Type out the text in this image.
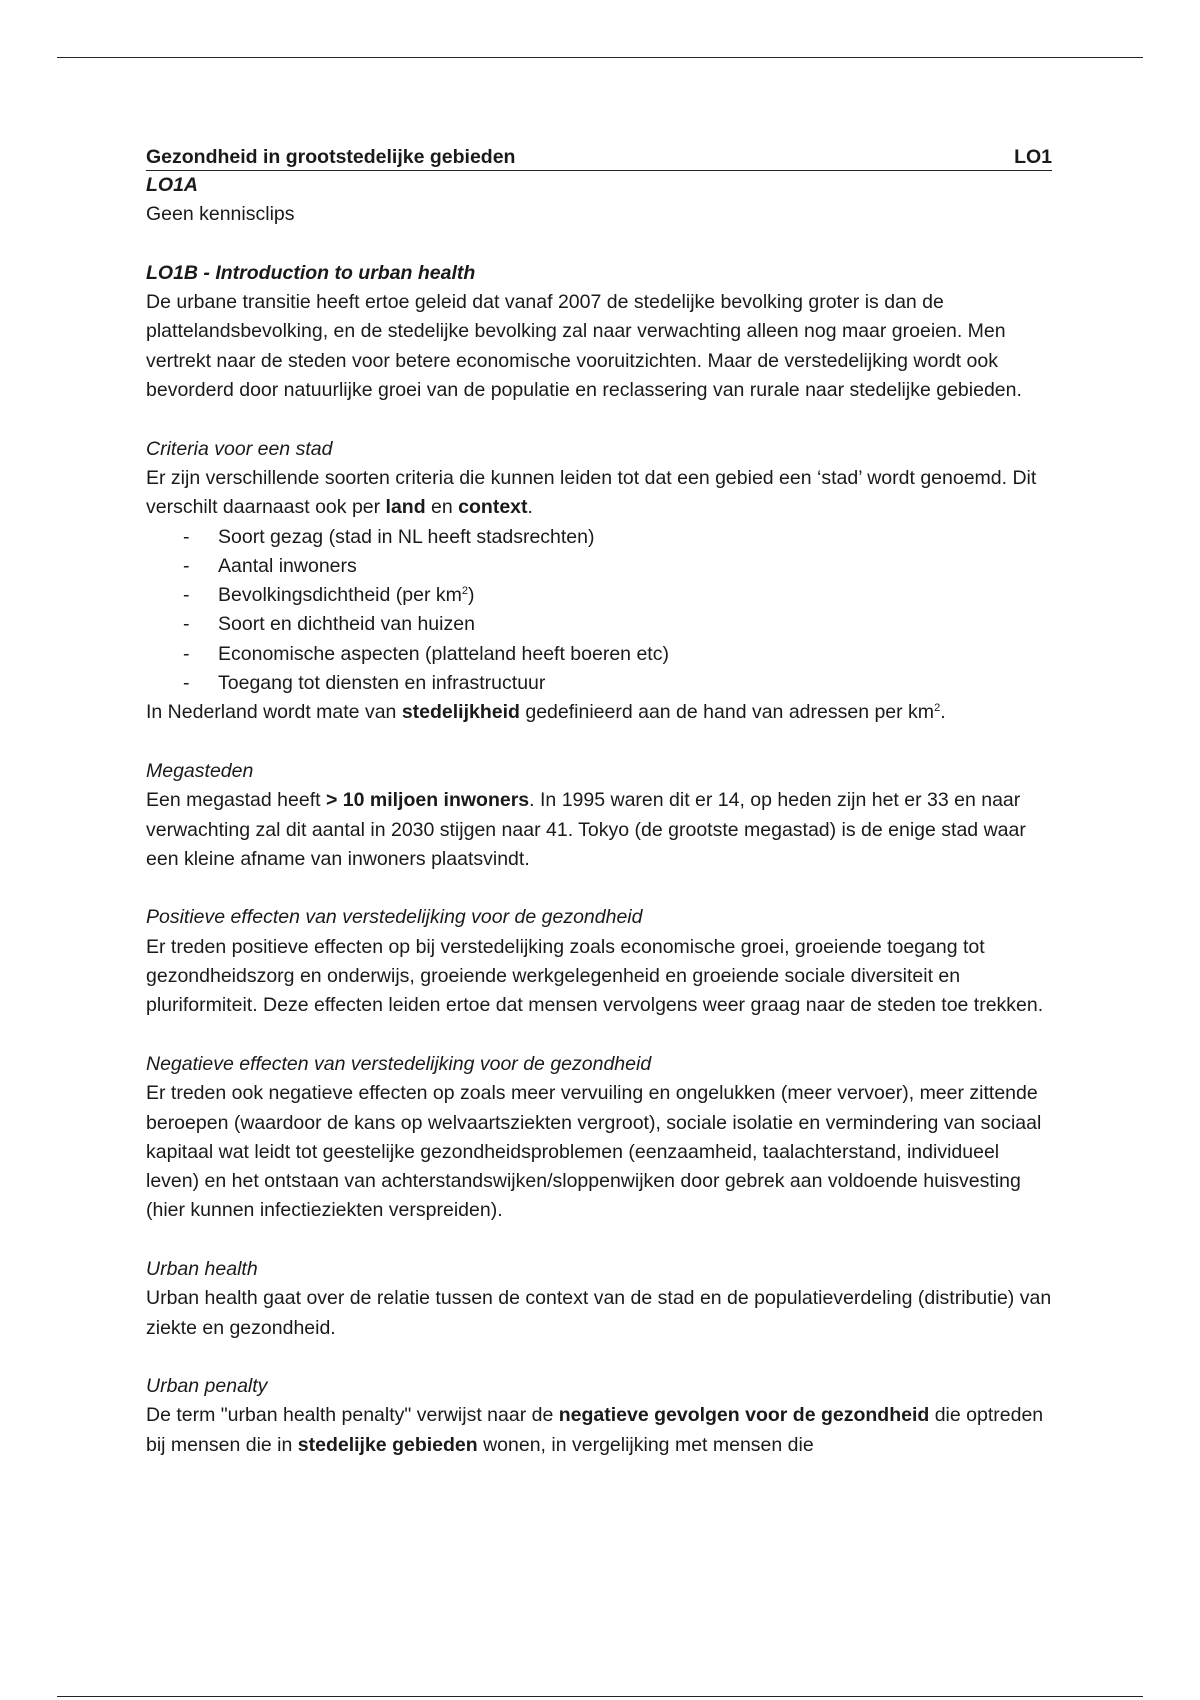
Gezondheid in grootstedelijke gebieden	LO1

LO1A

Geen kennisclips

LO1B - Introduction to urban health

De urbane transitie heeft ertoe geleid dat vanaf 2007 de stedelijke bevolking groter is dan de plattelandsbevolking, en de stedelijke bevolking zal naar verwachting alleen nog maar groeien. Men vertrekt naar de steden voor betere economische vooruitzichten. Maar de verstedelijking wordt ook bevorderd door natuurlijke groei van de populatie en reclassering van rurale naar stedelijke gebieden.

Criteria voor een stad

Er zijn verschillende soorten criteria die kunnen leiden tot dat een gebied een ‘stad’ wordt genoemd. Dit verschilt daarnaast ook per land en context.

- Soort gezag (stad in NL heeft stadsrechten)
- Aantal inwoners
- Bevolkingsdichtheid (per $km^2$)
- Soort en dichtheid van huizen
- Economische aspecten (platteland heeft boeren etc)
- Toegang tot diensten en infrastructuur

In Nederland wordt mate van stedelijkheid gedefinieerd aan de hand van adressen per $km^2$.

Megasteden

Een megastad heeft > 10 miljoen inwoners. In 1995 waren dit er 14, op heden zijn het er 33 en naar verwachting zal dit aantal in 2030 stijgen naar 41. Tokyo (de grootste megastad) is de enige stad waar een kleine afname van inwoners plaatsvindt.

Positieve effecten van verstedelijking voor de gezondheid

Er treden positieve effecten op bij verstedelijking zoals economische groei, groeiende toegang tot gezondheidszorg en onderwijs, groeiende werkgelegenheid en groeiende sociale diversiteit en pluriformiteit. Deze effecten leiden ertoe dat mensen vervolgens weer graag naar de steden toe trekken.

Negatieve effecten van verstedelijking voor de gezondheid

Er treden ook negatieve effecten op zoals meer vervuiling en ongelukken (meer vervoer), meer zittende beroepen (waardoor de kans op welvaartsziekten vergroot), sociale isolatie en vermindering van sociaal kapitaal wat leidt tot geestelijke gezondheidsproblemen (eenzaamheid, taalachterstand, individueel leven) en het ontstaan van achterstandswijken/sloppenwijken door gebrek aan voldoende huisvesting (hier kunnen infectieziekten verspreiden).

Urban health

Urban health gaat over de relatie tussen de context van de stad en de populatieverdeling (distributie) van ziekte en gezondheid.

Urban penalty

De term "urban health penalty" verwijst naar de negatieve gevolgen voor de gezondheid die optreden bij mensen die in stedelijke gebieden wonen, in vergelijking met mensen die
